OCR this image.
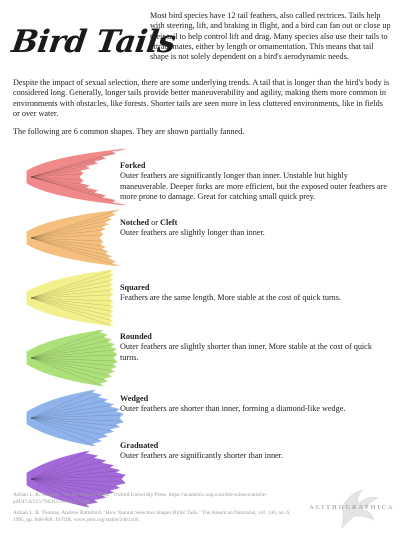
Bird Tails
Most bird species have 12 tail feathers, also called rectrices. Tails help with steering, lift, and braking in flight, and a bird can fan out or close up their tail to help control lift and drag. Many species also use their tails to attract mates, either by length or ornamentation. This means that tail shape is not solely dependent on a bird's aerodynamic needs.
Despite the impact of sexual selection, there are some underlying trends. A tail that is longer than the bird's body is considered long. Generally, longer tails provide better maneuverability and agility, making them more common in environments with obstacles, like forests. Shorter tails are seen more in less cluttered environments, like in fields or over water.
The following are 6 common shapes. They are shown partially fanned.
Forked
Outer feathers are significantly longer than inner. Unstable but highly maneuverable. Deeper forks are more efficient, but the exposed outer feathers are more prone to damage. Great for catching small quick prey.
Notched or Cleft
Outer feathers are slightly longer than inner.
Squared
Feathers are the same length. More stable at the cost of quick turns.
Rounded
Outer feathers are slightly shorter than inner. More stable at the cost of quick turns.
Wedged
Outer feathers are shorter than inner, forming a diamond-like wedge.
Graduated
Outer feathers are significantly shorter than inner.

Adrian L. R. Thomas. "On the Tails of Birds." Oxford University Press. https://academic.oup.com/bio-science/article-pdf/47/4/215/706311747-4-215.pdf

Adrian L. R. Thomas, Andrew Balmford. "How Natural Selection Shapes Birds' Tails." The American Naturalist, vol. 146, no. 6, 1995, pp. 848-868. JSTOR, www.jstor.org/stable/2463100.

ALITHOGRAPHICA
